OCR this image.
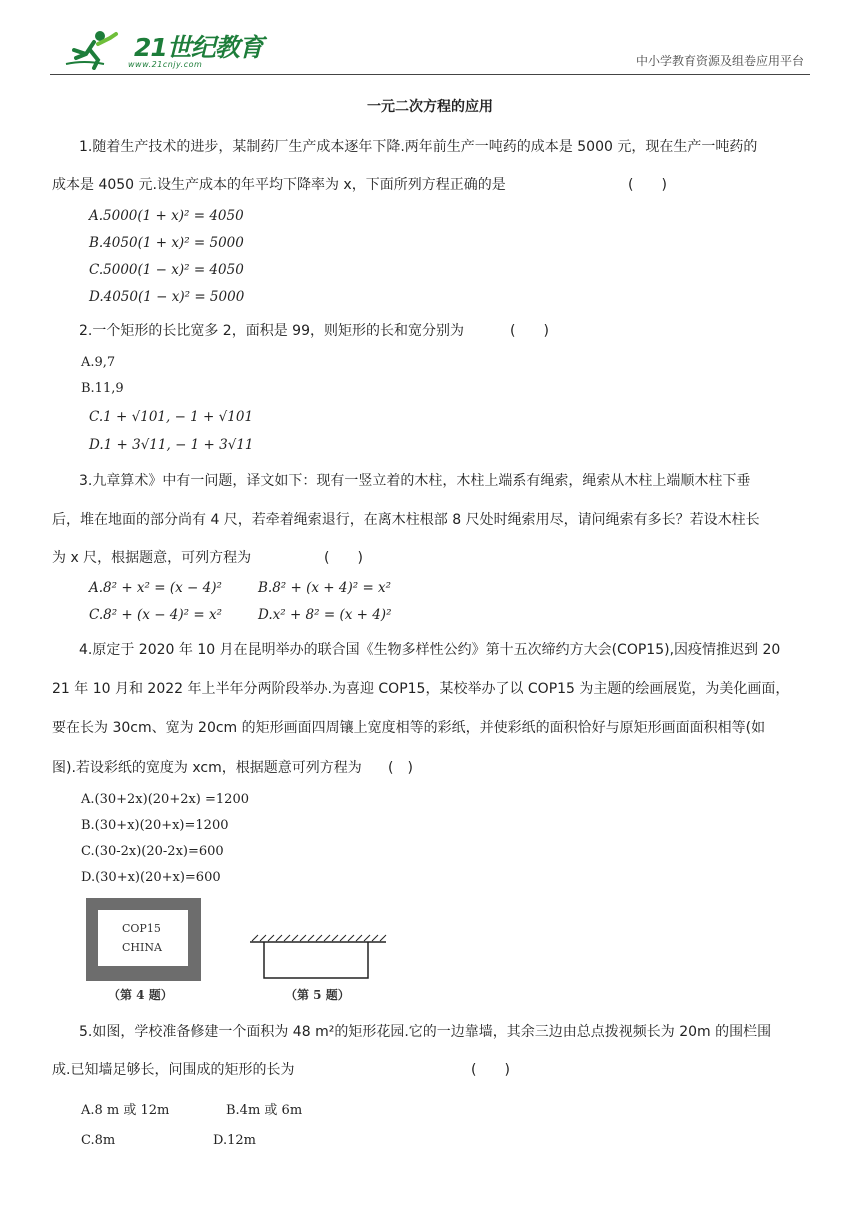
21世纪教育
www.21cnjy.com	中小学教育资源及组卷应用平台
一元二次方程的应用
1.随着生产技术的进步，某制药厂生产成本逐年下降.两年前生产一吨药的成本是 5000 元，现在生产一吨药的
成本是 4050 元.设生产成本的年平均下降率为 x，下面所列方程正确的是	(　　)
A.5000(1 + x)² = 4050
B.4050(1 + x)² = 5000
C.5000(1 − x)² = 4050
D.4050(1 − x)² = 5000
2.一个矩形的长比宽多 2，面积是 99，则矩形的长和宽分别为	(　　)
A.9,7
B.11,9
C.1 + √101, − 1 + √101
D.1 + 3√11, − 1 + 3√11
3.九章算术》中有一问题，译文如下：现有一竖立着的木柱，木柱上端系有绳索，绳索从木柱上端顺木柱下垂
后，堆在地面的部分尚有 4 尺，若牵着绳索退行，在离木柱根部 8 尺处时绳索用尽，请问绳索有多长？若设木柱长
为 x 尺，根据题意，可列方程为	(　　)
A.8² + x² = (x − 4)²	B.8² + (x + 4)² = x²
C.8² + (x − 4)² = x²	D.x² + 8² = (x + 4)²
4.原定于 2020 年 10 月在昆明举办的联合国《生物多样性公约》第十五次缔约方大会(COP15),因疫情推迟到 20
21 年 10 月和 2022 年上半年分两阶段举办.为喜迎 COP15，某校举办了以 COP15 为主题的绘画展览，为美化画面，
要在长为 30cm、宽为 20cm 的矩形画面四周镶上宽度相等的彩纸，并使彩纸的面积恰好与原矩形画面面积相等(如
图).若设彩纸的宽度为 xcm，根据题意可列方程为 (　)
A.(30+2x)(20+2x) =1200
B.(30+x)(20+x)=1200
C.(30-2x)(20-2x)=600
D.(30+x)(20+x)=600
COP15
CHINA
（第 4 题）	（第 5 题）
5.如图，学校准备修建一个面积为 48 m²的矩形花园.它的一边靠墙，其余三边由总点拨视频长为 20m 的围栏围
成.已知墙足够长，问围成的矩形的长为	(　　)
A.8 m 或 12m	B.4m 或 6m
C.8m	D.12m
